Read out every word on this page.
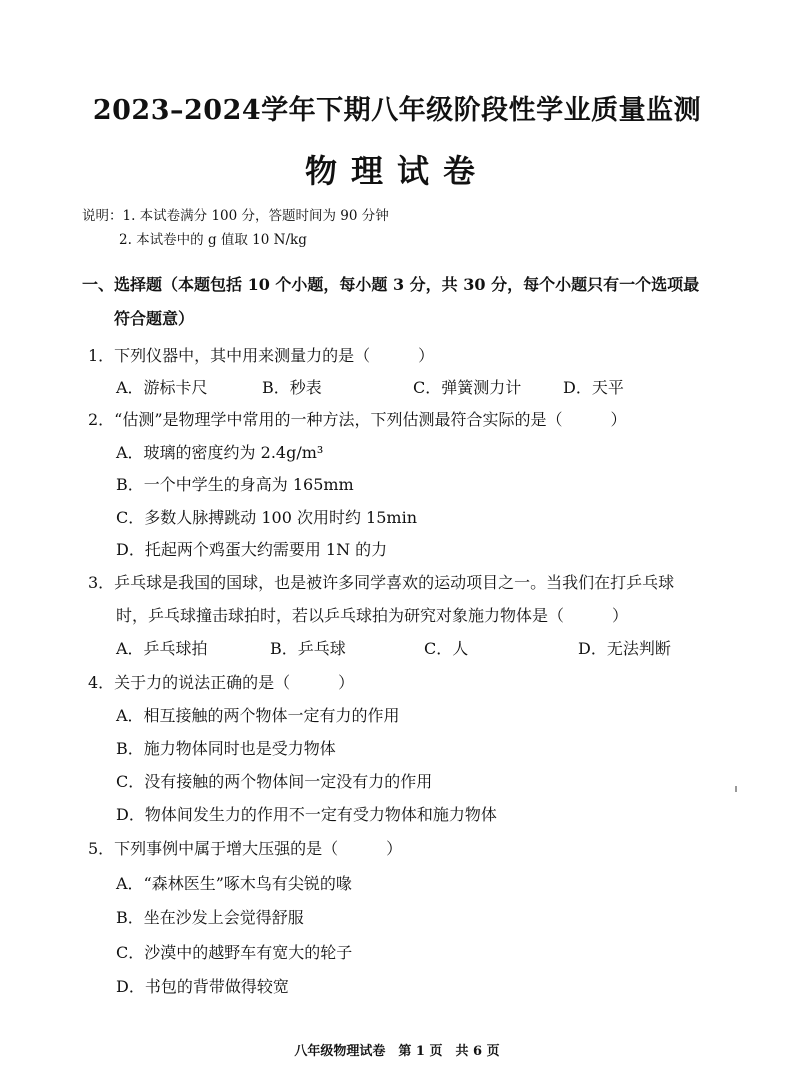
2023–2024学年下期八年级阶段性学业质量监测
物理试卷
说明：1. 本试卷满分 100 分，答题时间为 90 分钟
2. 本试卷中的 g 值取 10 N/kg
一、选择题（本题包括 10 个小题，每小题 3 分，共 30 分，每个小题只有一个选项最
符合题意）
1．下列仪器中，其中用来测量力的是（　　　）
A．游标卡尺	B．秒表	C．弹簧测力计	D．天平
2．“估测”是物理学中常用的一种方法，下列估测最符合实际的是（　　　）
A．玻璃的密度约为 2.4g/m³
B．一个中学生的身高为 165mm
C．多数人脉搏跳动 100 次用时约 15min
D．托起两个鸡蛋大约需要用 1N 的力
3．乒乓球是我国的国球，也是被许多同学喜欢的运动项目之一。当我们在打乒乓球
时，乒乓球撞击球拍时，若以乒乓球拍为研究对象施力物体是（　　　）
A．乒乓球拍	B．乒乓球	C．人	D．无法判断
4．关于力的说法正确的是（　　　）
A．相互接触的两个物体一定有力的作用
B．施力物体同时也是受力物体
C．没有接触的两个物体间一定没有力的作用
D．物体间发生力的作用不一定有受力物体和施力物体
5．下列事例中属于增大压强的是（　　　）
A．“森林医生”啄木鸟有尖锐的喙
B．坐在沙发上会觉得舒服
C．沙漠中的越野车有宽大的轮子
D．书包的背带做得较宽
八年级物理试卷　第 1 页　共 6 页
